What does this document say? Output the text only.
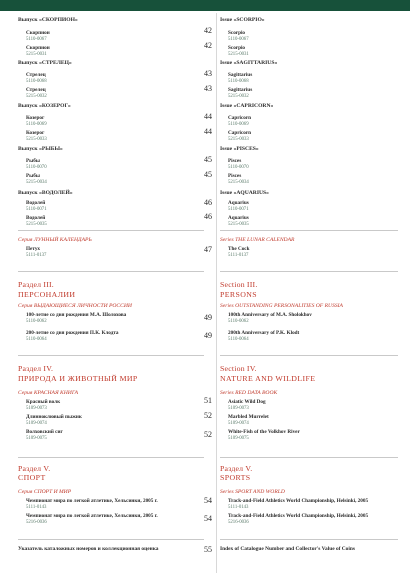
Выпуск «СКОРПИОН»
Скорпион
5110-0067
Скорпион
5215-0031
Выпуск «СТРЕЛЕЦ»
Стрелец
5110-0068
Стрелец
5215-0032
Выпуск «КОЗЕРОГ»
Козерог
5110-0069
Козерог
5215-0033
Выпуск «РЫБЫ»
Рыбы
5110-0070
Рыбы
5215-0034
Выпуск «ВОДОЛЕЙ»
Водолей
5110-0071
Водолей
5215-0035
Серия ЛУННЫЙ КАЛЕНДАРЬ
Петух
5111-0137
Раздел III.
ПЕРСОНАЛИИ
Серия ВЫДАЮЩИЕСЯ ЛИЧНОСТИ РОССИИ
100-летие со дня рождения М.А. Шолохова
5110-0062
200-летие со дня рождения П.К. Клодта
5110-0064
Раздел IV.
ПРИРОДА И ЖИВОТНЫЙ МИР
Серия КРАСНАЯ КНИГА
Красный волк
5109-0073
Длинноклювый пыжик
5109-0074
Волховский сиг
5109-0075
Раздел V.
СПОРТ
Серия СПОРТ И МИР
Чемпионат мира по легкой атлетике, Хельсинки, 2005 г.
5111-0143
Чемпионат мира по легкой атлетике, Хельсинки, 2005 г.
5216-0036
Указатель каталожных номеров и коллекционная оценка
42
42
43
43
44
44
45
45
46
46
47
49
49
51
52
52
54
54
55
Issue «SCORPIO»
Scorpio
5110-0067
Scorpio
5215-0031
Issue «SAGITTARIUS»
Sagittarius
5110-0068
Sagittarius
5215-0032
Issue «CAPRICORN»
Capricorn
5110-0069
Capricorn
5215-0033
Issue «PISCES»
Pisces
5110-0070
Pisces
5215-0034
Issue «AQUARIUS»
Aquarius
5110-0071
Aquarius
5215-0035
Series THE LUNAR CALENDAR
The Cock
5111-0137
Section III.
PERSONS
Series OUTSTANDING PERSONALITIES OF RUSSIA
100th Anniversary of M.A. Sholokhov
5110-0062
200th Anniversary of P.K. Klodt
5110-0064
Section IV.
NATURE AND WILDLIFE
Series RED DATA BOOK
Asiatic Wild Dog
5109-0073
Marbled Murrelet
5109-0074
White-Fish of the Volkhov River
5109-0075
Раздел V.
SPORTS
Series SPORT AND WORLD
Track-and-Field Athletics World Championship, Helsinki, 2005
5111-0143
Track-and-Field Athletics World Championship, Helsinki, 2005
5216-0036
Index of Catalogue Number and Collector's Value of Coins
